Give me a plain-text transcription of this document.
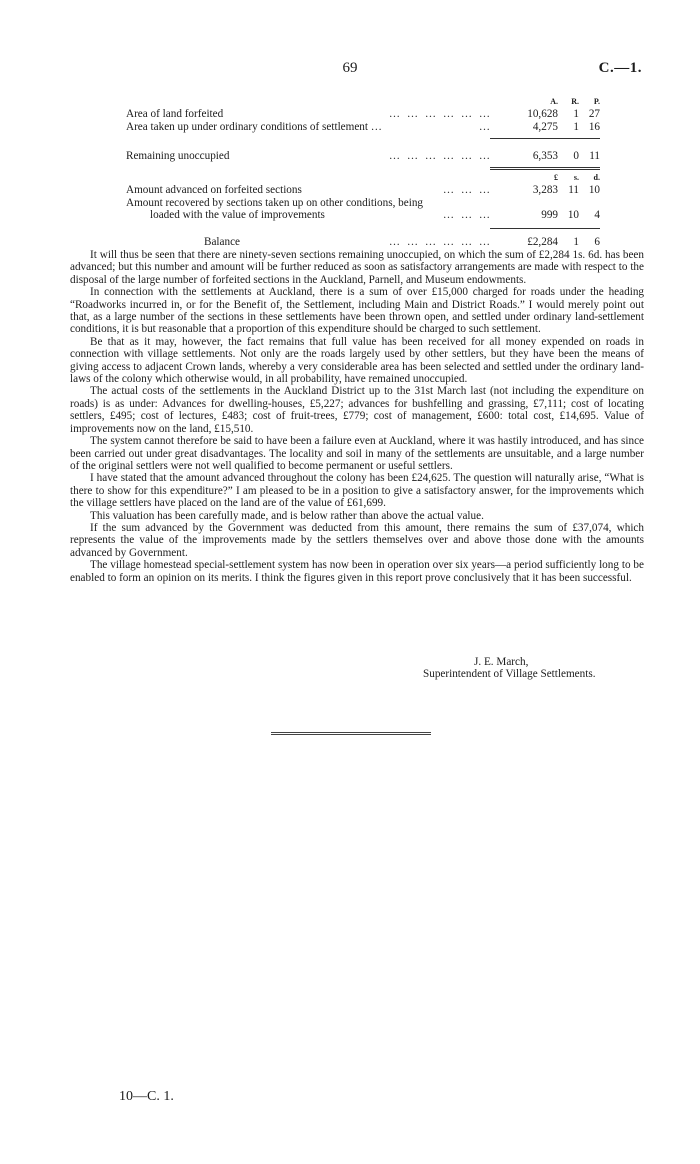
69	C.—1.
A.	R.	P.
Area of land forfeited	… … … … … …	10,628	1 27
Area taken up under ordinary conditions of settlement …	…	4,275	1 16
Remaining unoccupied	… … … … … …	6,353	0 11
£	s.	d.
Amount advanced on forfeited sections	… … …	3,283 11 10
Amount recovered by sections taken up on other conditions, being
loaded with the value of improvements	… … …	999 10	4
Balance	… … … … … …	£2,284	1	6

It will thus be seen that there are ninety-seven sections remaining unoccupied, on which the sum of £2,284 1s. 6d. has been advanced; but this number and amount will be further reduced as soon as satisfactory arrangements are made with respect to the disposal of the large number of forfeited sections in the Auckland, Parnell, and Museum endowments.

In connection with the settlements at Auckland, there is a sum of over £15,000 charged for roads under the heading “Roadworks incurred in, or for the Benefit of, the Settlement, including Main and District Roads.” I would merely point out that, as a large number of the sections in these settlements have been thrown open, and settled under ordinary land-settlement conditions, it is but reasonable that a proportion of this expenditure should be charged to such settlement.

Be that as it may, however, the fact remains that full value has been received for all money expended on roads in connection with village settlements. Not only are the roads largely used by other settlers, but they have been the means of giving access to adjacent Crown lands, whereby a very considerable area has been selected and settled under the ordinary land-laws of the colony which otherwise would, in all probability, have remained unoccupied.

The actual costs of the settlements in the Auckland District up to the 31st March last (not including the expenditure on roads) is as under: Advances for dwelling-houses, £5,227; advances for bushfelling and grassing, £7,111; cost of locating settlers, £495; cost of lectures, £483; cost of fruit-trees, £779; cost of management, £600: total cost, £14,695. Value of improvements now on the land, £15,510.

The system cannot therefore be said to have been a failure even at Auckland, where it was hastily introduced, and has since been carried out under great disadvantages. The locality and soil in many of the settlements are unsuitable, and a large number of the original settlers were not well qualified to become permanent or useful settlers.

I have stated that the amount advanced throughout the colony has been £24,625. The question will naturally arise, “What is there to show for this expenditure?” I am pleased to be in a position to give a satisfactory answer, for the improvements which the village settlers have placed on the land are of the value of £61,699.

This valuation has been carefully made, and is below rather than above the actual value.

If the sum advanced by the Government was deducted from this amount, there remains the sum of £37,074, which represents the value of the improvements made by the settlers themselves over and above those done with the amounts advanced by Government.

The village homestead special-settlement system has now been in operation over six years—a period sufficiently long to be enabled to form an opinion on its merits. I think the figures given in this report prove conclusively that it has been successful.

J. E. March,
Superintendent of Village Settlements.
10—C. 1.
